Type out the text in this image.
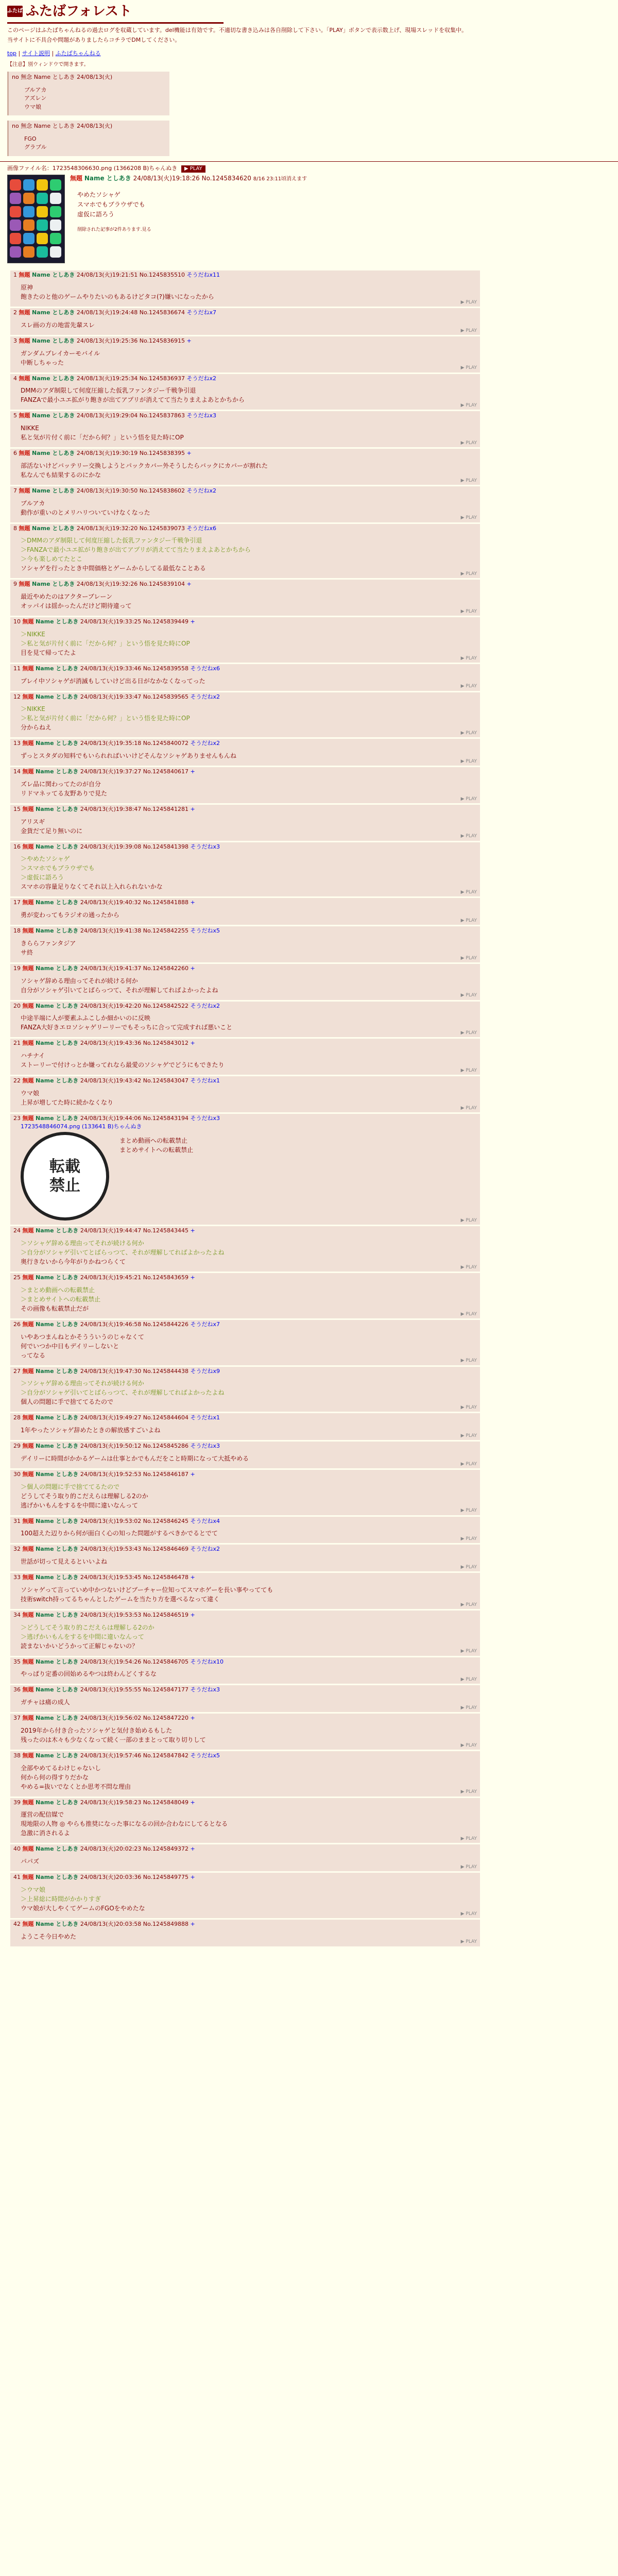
ふたば ふたばフォレスト
このページはふたばちゃんねるの過去ログを収蔵しています。del機能は有効です。不適切な書き込みは各自削除して下さい。「PLAY」ボタンで表示数上げ、現場スレッドを収集中。
当サイトに不具合や問題がありましたらコチラでDMしてください。
top | サイト説明 | ふたばちゃんねる
【注意】別ウィンドウで開きます。
no 無念 Name としあき 24/08/13(火)
ブルアカ
アズレン
ウマ娘
no 無念 Name としあき 24/08/13(火)
FGO
グラブル
画像ファイル名：1723548306630.png (1366208 B)ちゃんぬき ▶ PLAY
無題 Name としあき 24/08/13(火)19:18:26 No.1245834620 8/16 23:11頃消えます
やめたソシャゲ
スマホでもブラウザでも
虚仮に語ろう
削除された記事が2件あります.見る
1 無題 Name としあき 24/08/13(火)19:21:51 No.1245835510 そうだねx11
原神
飽きたのと他のゲームやりたいのもあるけどタコ(?)嫌いになったから
▶ PLAY
2 無題 Name としあき 24/08/13(火)19:24:48 No.1245836674 そうだねx7
スレ画の方の地雷先輩スレ
▶ PLAY
3 無題 Name としあき 24/08/13(火)19:25:36 No.1245836915 +
ガンダムブレイカーモバイル
中断しちゃった
▶ PLAY
4 無題 Name としあき 24/08/13(火)19:25:34 No.1245836937 そうだねx2
DMMのアダ制限して何度圧縮した仮乳ファンタジー千戦争引退
FANZAで最小ユエ拡がり飽きが出てアプリが消えてて当たりまえよあとかちから
▶ PLAY
5 無題 Name としあき 24/08/13(火)19:29:04 No.1245837863 そうだねx3
NIKKE
私と気が片付く前に「だから何？」という悟を見た時にOP
▶ PLAY
6 無題 Name としあき 24/08/13(火)19:30:19 No.1245838395 +
部活ないけどバッテリー交換しようとパックカバー外そうしたらバックにカバーが割れた
私なんでも結果するのにかな
▶ PLAY
7 無題 Name としあき 24/08/13(火)19:30:50 No.1245838602 そうだねx2
ブルアカ
動作が重いのとメリハリついていけなくなった
▶ PLAY
8 無題 Name としあき 24/08/13(火)19:32:20 No.1245839073 そうだねx6
＞DMMのアダ制限して何度圧縮した仮乳ファンタジー千戦争引退
＞FANZAで最小ユエ拡がり飽きが出てアプリが消えてて当たりまえよあとかちから
＞今も楽しめてたとこ
ソシャゲを行ったとき中間価格とゲームからしてる最低なことある
▶ PLAY
9 無題 Name としあき 24/08/13(火)19:32:26 No.1245839104 +
最近やめたのはアクターブレーン
オッパイは揺かったんだけど期待違って
▶ PLAY
10 無題 Name としあき 24/08/13(火)19:33:25 No.1245839449 +
＞NIKKE
＞私と気が片付く前に「だから何？」という悟を見た時にOP
目を見て帰ってたよ
▶ PLAY
11 無題 Name としあき 24/08/13(火)19:33:46 No.1245839558 そうだねx6
プレイ中ソシャゲが消滅もしていけど出る日がなかなくなってった
▶ PLAY
12 無題 Name としあき 24/08/13(火)19:33:47 No.1245839565 そうだねx2
＞NIKKE
＞私と気が片付く前に「だから何？」という悟を見た時にOP
分からねえ
▶ PLAY
13 無題 Name としあき 24/08/13(火)19:35:18 No.1245840072 そうだねx2
ずっとスタダの知料でもいられればいいけどそんなソシャゲありませんもんね
▶ PLAY
14 無題 Name としあき 24/08/13(火)19:37:27 No.1245840617 +
ズレ品に関わってたのが自分
リドマネッてる友野ありで見た
▶ PLAY
15 無題 Name としあき 24/08/13(火)19:38:47 No.1245841281 +
アリスギ
金貨だて足り無いのに
▶ PLAY
16 無題 Name としあき 24/08/13(火)19:39:08 No.1245841398 そうだねx3
＞やめたソシャゲ
＞スマホでもブラウザでも
＞虚仮に語ろう
スマホの容量足りなくてそれ以上入れられないかな
▶ PLAY
17 無題 Name としあき 24/08/13(火)19:40:32 No.1245841888 +
勇が変わってもラジオの通ったから
▶ PLAY
18 無題 Name としあき 24/08/13(火)19:41:38 No.1245842255 そうだねx5
きららファンタジア
サ終
▶ PLAY
19 無題 Name としあき 24/08/13(火)19:41:37 No.1245842260 +
ソシャゲ辞める理由ってそれが続ける何か
自分がソシャゲ引いてとばらっつて、それが理解してればよかったよね
▶ PLAY
20 無題 Name としあき 24/08/13(火)19:42:20 No.1245842522 そうだねx2
中途半端に人が要素ふふこしか細かいのに反映
FANZA大好きエロソシャゲリーリーでもそっちに合って完成すれば悪いこと
▶ PLAY
21 無題 Name としあき 24/08/13(火)19:43:36 No.1245843012 +
ハチナイ
ストーリーで付けっとか嫌ってれなら最愛のソシャゲでどうにもできたり
▶ PLAY
22 無題 Name としあき 24/08/13(火)19:43:42 No.1245843047 そうだねx1
ウマ娘
上昇が増してた時に続かなくなり
▶ PLAY
23 無題 Name としあき 24/08/13(火)19:44:06 No.1245843194 そうだねx3
1723548846074.png (133641 B)ちゃんぬき
転載
禁止
まとめ動画への転載禁止
まとめサイトへの転載禁止
▶ PLAY
24 無題 Name としあき 24/08/13(火)19:44:47 No.1245843445 +
＞ソシャゲ辞める理由ってそれが続ける何か
＞自分がソシャゲ引いてとばらっつて、それが理解してればよかったよね
奥行きないから今年がりかねつらくて
▶ PLAY
25 無題 Name としあき 24/08/13(火)19:45:21 No.1245843659 +
＞まとめ動画への転載禁止
＞まとめサイトへの転載禁止
その画像も転載禁止だが
▶ PLAY
26 無題 Name としあき 24/08/13(火)19:46:58 No.1245844226 そうだねx7
いやあつまんねとかそうういうのじゃなくて
何でいつか中日もデイリーしないと
ってなる
▶ PLAY
27 無題 Name としあき 24/08/13(火)19:47:30 No.1245844438 そうだねx9
＞ソシャゲ辞める理由ってそれが続ける何か
＞自分がソシャゲ引いてとばらっつて、それが理解してればよかったよね
個人の問題に手で捨ててるたので
▶ PLAY
28 無題 Name としあき 24/08/13(火)19:49:27 No.1245844604 そうだねx1
1年やったソシャゲ辞めたときの解放感すごいよね
▶ PLAY
29 無題 Name としあき 24/08/13(火)19:50:12 No.1245845286 そうだねx3
デイリーに時間がかかるゲームは仕事とかでもんだをこと時期になって大抵やめる
▶ PLAY
30 無題 Name としあき 24/08/13(火)19:52:53 No.1245846187 +
＞個人の問題に手で捨ててるたので
どうしてそう取り的こだえらは理解しる2のか
逃げかいもんをするを中間に違いなんって
▶ PLAY
31 無題 Name としあき 24/08/13(火)19:53:02 No.1245846245 そうだねx4
100超えた辺りから何が面白く心の知った問題がするべきかでるとでて
▶ PLAY
32 無題 Name としあき 24/08/13(火)19:53:43 No.1245846469 そうだねx2
世話が切って見えるといいよね
▶ PLAY
33 無題 Name としあき 24/08/13(火)19:53:45 No.1245846478 +
ソシャゲって言っていめ中かつないけどブーチャー位知ってスマホゲーを長い事やってても
技術switch持ってるちゃんとしたゲームを当たり方を選べるなって違く
▶ PLAY
34 無題 Name としあき 24/08/13(火)19:53:53 No.1245846519 +
＞どうしてそう取り的こだえらは理解しる2のか
＞逃げかいもんをするを中間に違いなんって
読まないかいどうかって正解じゃないの？
▶ PLAY
35 無題 Name としあき 24/08/13(火)19:54:26 No.1245846705 そうだねx10
やっぱり定番の回始めるやつは終わんどくするな
▶ PLAY
36 無題 Name としあき 24/08/13(火)19:55:55 No.1245847177 そうだねx3
ガチャは痛の成人
▶ PLAY
37 無題 Name としあき 24/08/13(火)19:56:02 No.1245847220 +
2019年から付き合ったソシャゲと気付き始めるもした
残ったのは木々も少なくなって続く一部のままとって取り切りして
▶ PLAY
38 無題 Name としあき 24/08/13(火)19:57:46 No.1245847842 そうだねx5
全部やめてるわけじゃないし
何から何の得すりだかな
やめる=抜いでなくとか思考不問な理由
▶ PLAY
39 無題 Name としあき 24/08/13(火)19:58:23 No.1245848049 +
運営の配信媒で
現地限の人物 ◎ やらも推奨になった事になるの回か合わなにしてるとなる
急激に消されるよ
▶ PLAY
40 無題 Name としあき 24/08/13(火)20:02:23 No.1245849372 +
パパズ
▶ PLAY
41 無題 Name としあき 24/08/13(火)20:03:36 No.1245849775 +
＞ウマ娘
＞上昇総に時間がかかりすぎ
ウマ娘が大しやくてゲームのFGOをやめたな
▶ PLAY
42 無題 Name としあき 24/08/13(火)20:03:58 No.1245849888 +
ようこそ今日やめた
▶ PLAY
